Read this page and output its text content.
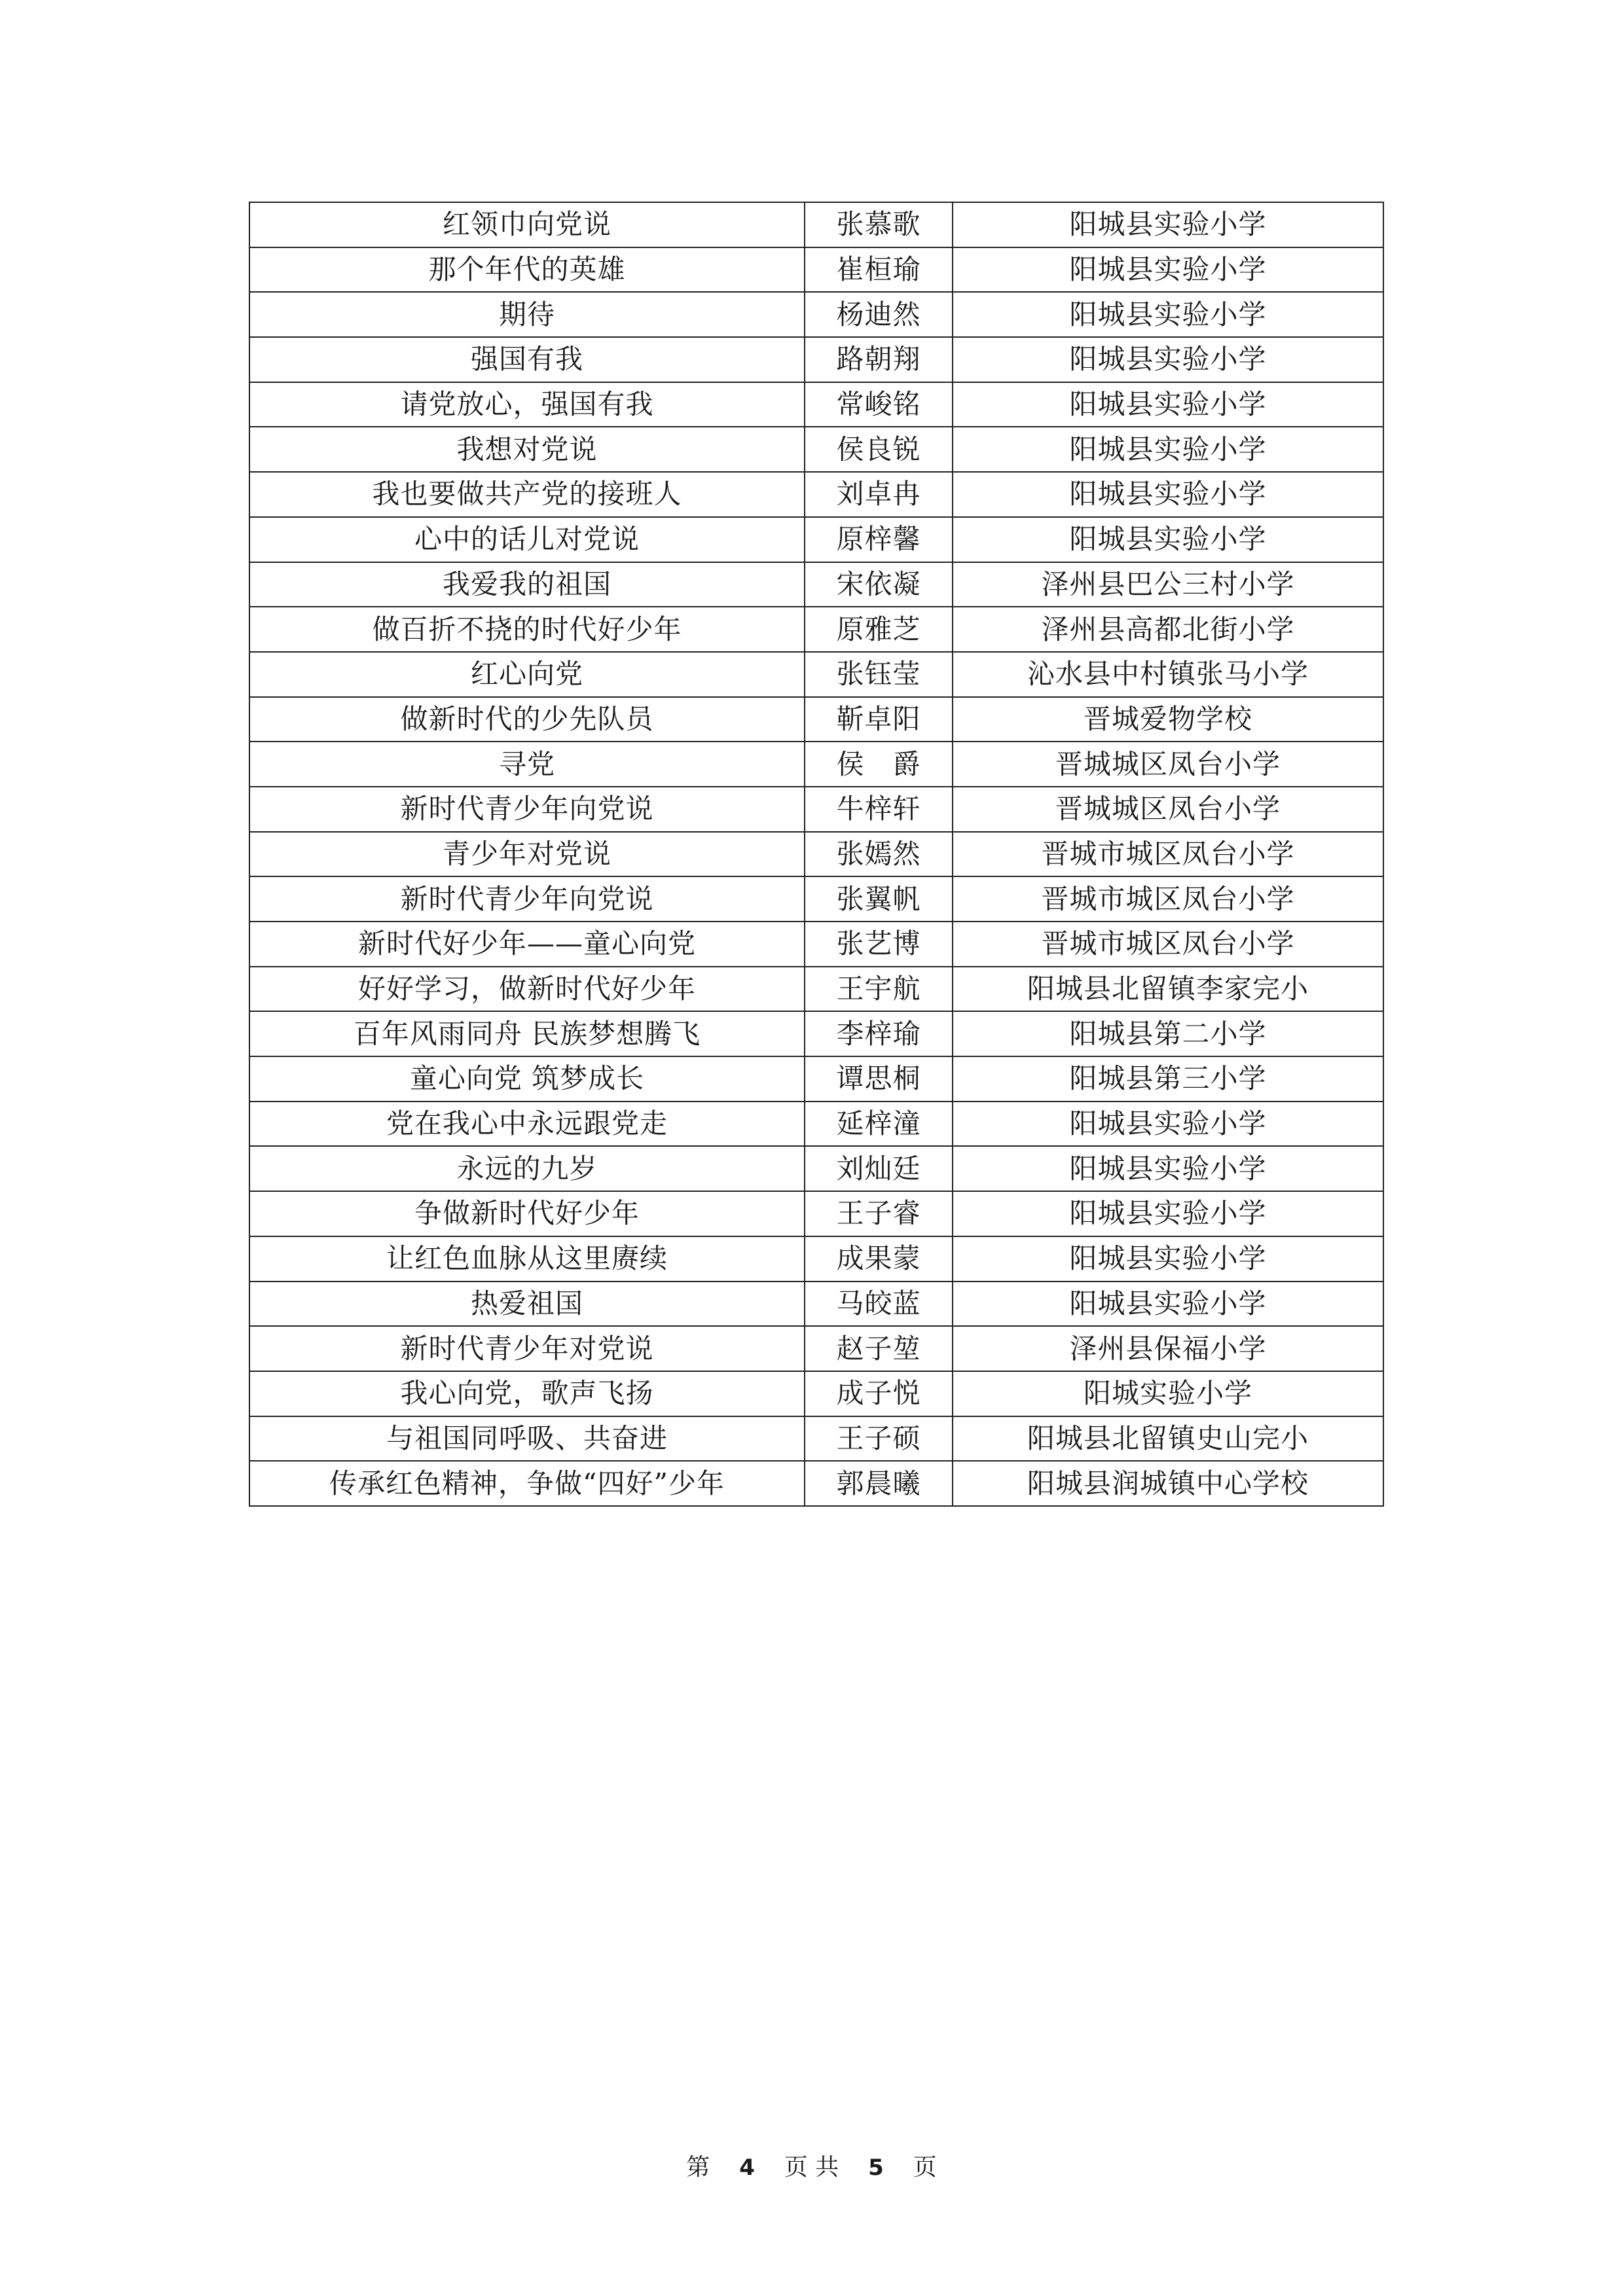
红领巾向党说	张慕歌	阳城县实验小学
那个年代的英雄	崔桓瑜	阳城县实验小学
期待	杨迪然	阳城县实验小学
强国有我	路朝翔	阳城县实验小学
请党放心，强国有我	常峻铭	阳城县实验小学
我想对党说	侯良锐	阳城县实验小学
我也要做共产党的接班人	刘卓冉	阳城县实验小学
心中的话儿对党说	原梓馨	阳城县实验小学
我爱我的祖国	宋依凝	泽州县巴公三村小学
做百折不挠的时代好少年	原雅芝	泽州县高都北街小学
红心向党	张钰莹	沁水县中村镇张马小学
做新时代的少先队员	靳卓阳	晋城爱物学校
寻党	侯　爵	晋城城区凤台小学
新时代青少年向党说	牛梓轩	晋城城区凤台小学
青少年对党说	张嫣然	晋城市城区凤台小学
新时代青少年向党说	张翼帆	晋城市城区凤台小学
新时代好少年——童心向党	张艺博	晋城市城区凤台小学
好好学习，做新时代好少年	王宇航	阳城县北留镇李家完小
百年风雨同舟 民族梦想腾飞	李梓瑜	阳城县第二小学
童心向党 筑梦成长	谭思桐	阳城县第三小学
党在我心中永远跟党走	延梓潼	阳城县实验小学
永远的九岁	刘灿廷	阳城县实验小学
争做新时代好少年	王子睿	阳城县实验小学
让红色血脉从这里赓续	成果蒙	阳城县实验小学
热爱祖国	马皎蓝	阳城县实验小学
新时代青少年对党说	赵子堃	泽州县保福小学
我心向党，歌声飞扬	成子悦	阳城实验小学
与祖国同呼吸、共奋进	王子硕	阳城县北留镇史山完小
传承红色精神，争做“四好”少年	郭晨曦	阳城县润城镇中心学校
第 4 页 共 5 页
